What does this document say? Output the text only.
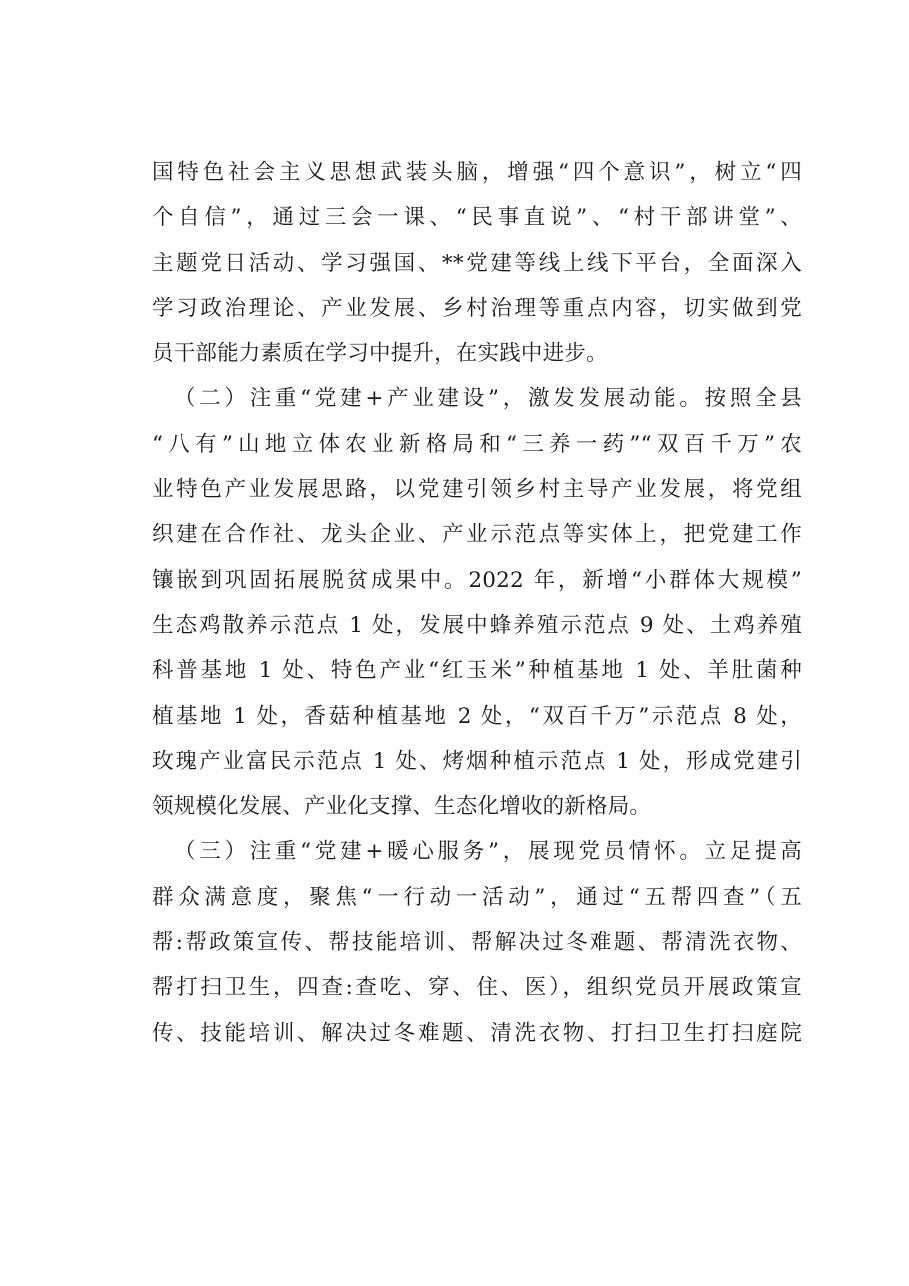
国特色社会主义思想武装头脑，增强“四个意识”，树立“四
个自信”，通过三会一课、“民事直说”、“村干部讲堂”、
主题党日活动、学习强国、**党建等线上线下平台，全面深入
学习政治理论、产业发展、乡村治理等重点内容，切实做到党
员干部能力素质在学习中提升，在实践中进步。
（二）注重“党建+产业建设”，激发发展动能。按照全县
“八有”山地立体农业新格局和“三养一药”“双百千万”农
业特色产业发展思路，以党建引领乡村主导产业发展，将党组
织建在合作社、龙头企业、产业示范点等实体上，把党建工作
镶嵌到巩固拓展脱贫成果中。2022 年，新增“小群体大规模”
生态鸡散养示范点 1 处，发展中蜂养殖示范点 9 处、土鸡养殖
科普基地 1 处、特色产业“红玉米”种植基地 1 处、羊肚菌种
植基地 1 处，香菇种植基地 2 处，“双百千万”示范点 8 处，
玫瑰产业富民示范点 1 处、烤烟种植示范点 1 处，形成党建引
领规模化发展、产业化支撑、生态化增收的新格局。
（三）注重“党建+暖心服务”，展现党员情怀。立足提高
群众满意度，聚焦“一行动一活动”，通过“五帮四查”（五
帮:帮政策宣传、帮技能培训、帮解决过冬难题、帮清洗衣物、
帮打扫卫生，四查:查吃、穿、住、医），组织党员开展政策宣
传、技能培训、解决过冬难题、清洗衣物、打扫卫生打扫庭院
